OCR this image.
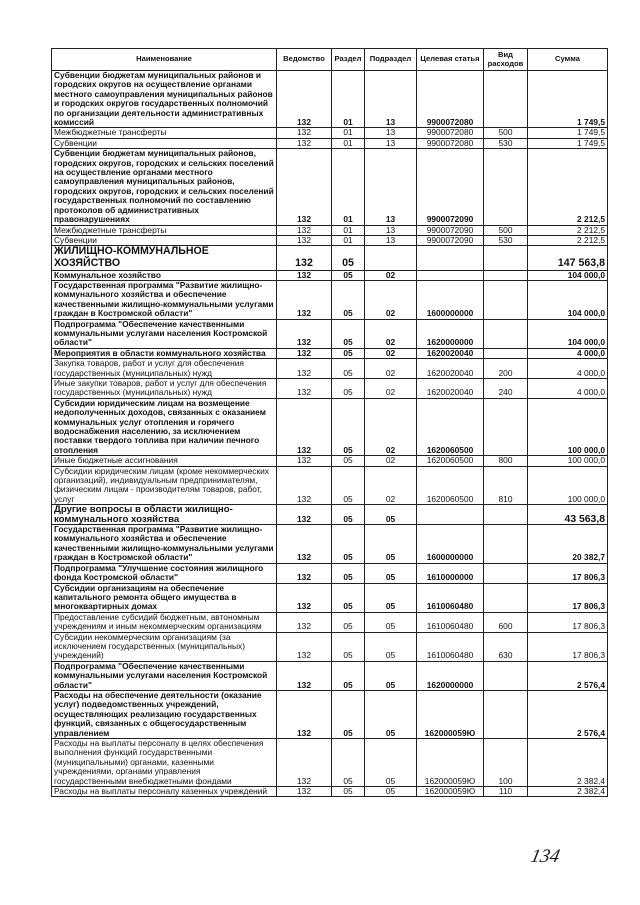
Наименование	Ведомство	Раздел	Подраздел	Целевая статья	Вид расходов	Сумма
Субвенции бюджетам муниципальных районов и городских округов на осуществление органами местного самоуправления муниципальных районов и городских округов государственных полномочий по организации деятельности административных комиссий	132	01	13	9900072080		1 749,5
Межбюджетные трансферты	132	01	13	9900072080	500	1 749,5
Субвенции	132	01	13	9900072080	530	1 749,5
Субвенции бюджетам муниципальных районов, городских округов, городских и сельских поселений на осуществление органами местного самоуправления муниципальных районов, городских округов, городских и сельских поселений государственных полномочий по составлению протоколов об административных правонарушениях	132	01	13	9900072090		2 212,5
Межбюджетные трансферты	132	01	13	9900072090	500	2 212,5
Субвенции	132	01	13	9900072090	530	2 212,5
ЖИЛИЩНО-КОММУНАЛЬНОЕ ХОЗЯЙСТВО	132	05				147 563,8
Коммунальное хозяйство	132	05	02			104 000,0
Государственная программа "Развитие жилищно-коммунального хозяйства и обеспечение качественными жилищно-коммунальными услугами граждан в Костромской области"	132	05	02	1600000000		104 000,0
Подпрограмма "Обеспечение качественными коммунальными услугами населения Костромской области"	132	05	02	1620000000		104 000,0
Мероприятия в области коммунального хозяйства	132	05	02	1620020040		4 000,0
Закупка товаров, работ и услуг для обеспечения государственных (муниципальных) нужд	132	05	02	1620020040	200	4 000,0
Иные закупки товаров, работ и услуг для обеспечения государственных (муниципальных) нужд	132	05	02	1620020040	240	4 000,0
Субсидии юридическим лицам на возмещение недополученных доходов, связанных с оказанием коммунальных услуг отопления и горячего водоснабжения населению, за исключением поставки твердого топлива при наличии печного отопления	132	05	02	1620060500		100 000,0
Иные бюджетные ассигнования	132	05	02	1620060500	800	100 000,0
Субсидии юридическим лицам (кроме некоммерческих организаций), индивидуальным предпринимателям, физическим лицам - производителям товаров, работ, услуг	132	05	02	1620060500	810	100 000,0
Другие вопросы в области жилищно-коммунального хозяйства	132	05	05			43 563,8
Государственная программа "Развитие жилищно-коммунального хозяйства и обеспечение качественными жилищно-коммунальными услугами граждан в Костромской области"	132	05	05	1600000000		20 382,7
Подпрограмма "Улучшение состояния жилищного фонда Костромской области"	132	05	05	1610000000		17 806,3
Субсидии организациям на обеспечение капитального ремонта общего имущества в многоквартирных домах	132	05	05	1610060480		17 806,3
Предоставление субсидий бюджетным, автономным учреждениям и иным некоммерческим организациям	132	05	05	1610060480	600	17 806,3
Субсидии некоммерческим организациям (за исключением государственных (муниципальных) учреждений)	132	05	05	1610060480	630	17 806,3
Подпрограмма "Обеспечение качественными коммунальными услугами населения Костромской области"	132	05	05	1620000000		2 576,4
Расходы на обеспечение деятельности (оказание услуг) подведомственных учреждений, осуществляющих реализацию государственных функций, связанных с общегосударственным управлением	132	05	05	162000059Ю		2 576,4
Расходы на выплаты персоналу в целях обеспечения выполнения функций государственными (муниципальными) органами, казенными учреждениями, органами управления государственными внебюджетными фондами	132	05	05	162000059Ю	100	2 382,4
Расходы на выплаты персоналу казенных учреждений	132	05	05	162000059Ю	110	2 382,4
134
